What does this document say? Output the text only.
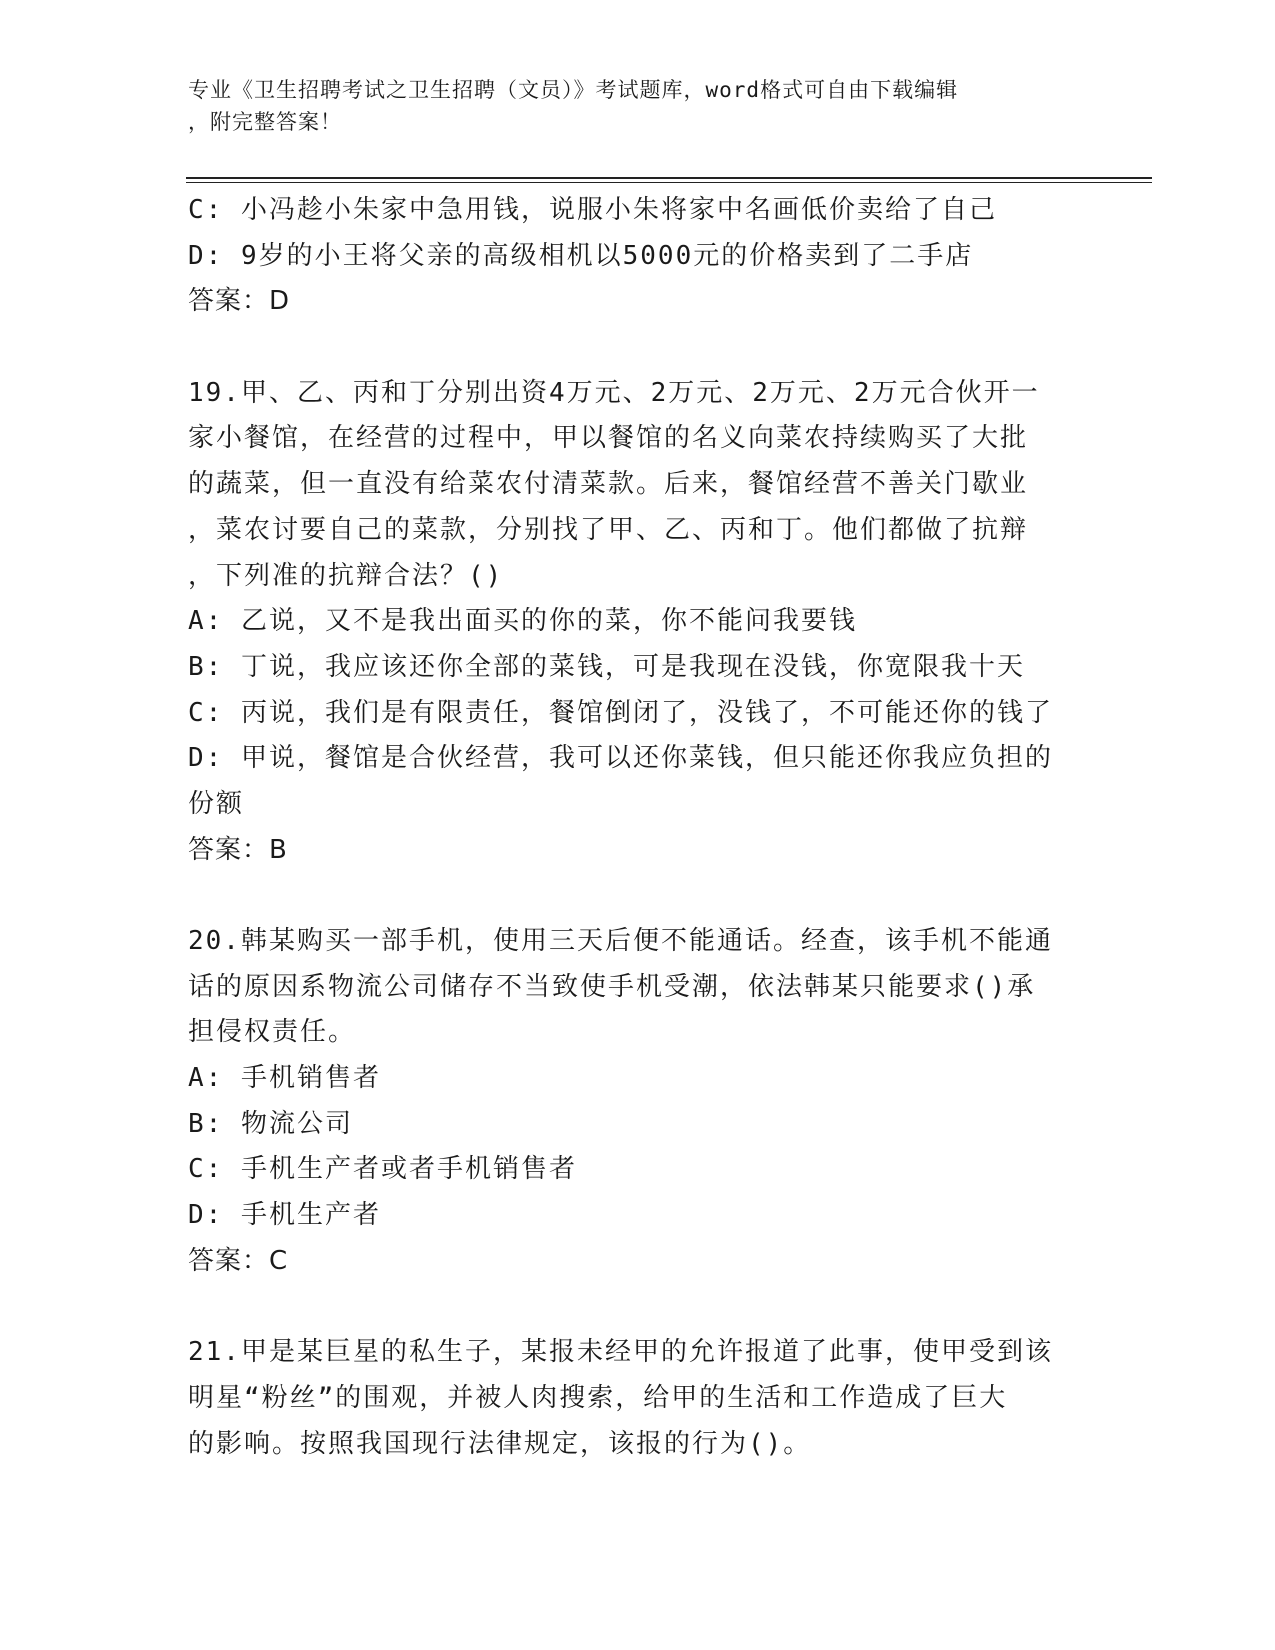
专业《卫生招聘考试之卫生招聘（文员）》考试题库，word格式可自由下载编辑
，附完整答案！
C: 小冯趁小朱家中急用钱，说服小朱将家中名画低价卖给了自己
D: 9岁的小王将父亲的高级相机以5000元的价格卖到了二手店
答案：D
19.甲、乙、丙和丁分别出资4万元、2万元、2万元、2万元合伙开一
家小餐馆，在经营的过程中，甲以餐馆的名义向菜农持续购买了大批
的蔬菜，但一直没有给菜农付清菜款。后来，餐馆经营不善关门歇业
，菜农讨要自己的菜款，分别找了甲、乙、丙和丁。他们都做了抗辩
，下列准的抗辩合法？()
A: 乙说，又不是我出面买的你的菜，你不能问我要钱
B: 丁说，我应该还你全部的菜钱，可是我现在没钱，你宽限我十天
C: 丙说，我们是有限责任，餐馆倒闭了，没钱了，不可能还你的钱了
D: 甲说，餐馆是合伙经营，我可以还你菜钱，但只能还你我应负担的
份额
答案：B
20.韩某购买一部手机，使用三天后便不能通话。经查，该手机不能通
话的原因系物流公司储存不当致使手机受潮，依法韩某只能要求()承
担侵权责任。
A: 手机销售者
B: 物流公司
C: 手机生产者或者手机销售者
D: 手机生产者
答案：C
21.甲是某巨星的私生子，某报未经甲的允许报道了此事，使甲受到该
明星“粉丝”的围观，并被人肉搜索，给甲的生活和工作造成了巨大
的影响。按照我国现行法律规定，该报的行为()。
